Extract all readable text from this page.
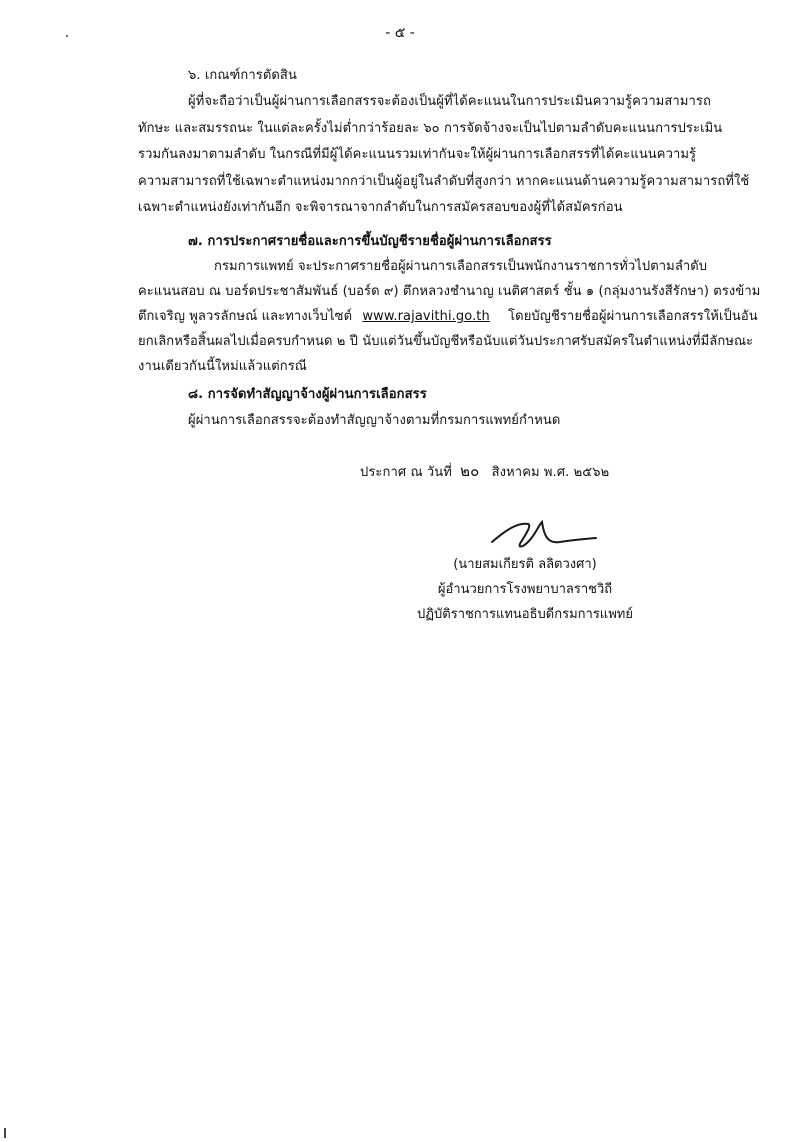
- ๕ -
๖. เกณฑ์การตัดสิน
ผู้ที่จะถือว่าเป็นผู้ผ่านการเลือกสรรจะต้องเป็นผู้ที่ได้คะแนนในการประเมินความรู้ความสามารถ
ทักษะ และสมรรถนะ ในแต่ละครั้งไม่ต่ำกว่าร้อยละ ๖๐ การจัดจ้างจะเป็นไปตามลำดับคะแนนการประเมิน
รวมกันลงมาตามลำดับ ในกรณีที่มีผู้ได้คะแนนรวมเท่ากันจะให้ผู้ผ่านการเลือกสรรที่ได้คะแนนความรู้
ความสามารถที่ใช้เฉพาะตำแหน่งมากกว่าเป็นผู้อยู่ในลำดับที่สูงกว่า หากคะแนนด้านความรู้ความสามารถที่ใช้
เฉพาะตำแหน่งยังเท่ากันอีก จะพิจารณาจากลำดับในการสมัครสอบของผู้ที่ได้สมัครก่อน
๗. การประกาศรายชื่อและการขึ้นบัญชีรายชื่อผู้ผ่านการเลือกสรร
กรมการแพทย์ จะประกาศรายชื่อผู้ผ่านการเลือกสรรเป็นพนักงานราชการทั่วไปตามลำดับ
คะแนนสอบ ณ บอร์ดประชาสัมพันธ์ (บอร์ด ๙) ตึกหลวงชำนาญ เนติศาสตร์ ชั้น ๑ (กลุ่มงานรังสีรักษา) ตรงข้าม
ตึกเจริญ พูลวรลักษณ์ และทางเว็บไซต์ www.rajavithi.go.th โดยบัญชีรายชื่อผู้ผ่านการเลือกสรรให้เป็นอัน
ยกเลิกหรือสิ้นผลไปเมื่อครบกำหนด ๒ ปี นับแต่วันขึ้นบัญชีหรือนับแต่วันประกาศรับสมัครในตำแหน่งที่มีลักษณะ
งานเดียวกันนี้ใหม่แล้วแต่กรณี
๘. การจัดทำสัญญาจ้างผู้ผ่านการเลือกสรร
ผู้ผ่านการเลือกสรรจะต้องทำสัญญาจ้างตามที่กรมการแพทย์กำหนด
ประกาศ ณ วันที่ ๒๐ สิงหาคม พ.ศ. ๒๕๖๒
(นายสมเกียรติ ลลิตวงศา)
ผู้อำนวยการโรงพยาบาลราชวิถี
ปฏิบัติราชการแทนอธิบดีกรมการแพทย์
